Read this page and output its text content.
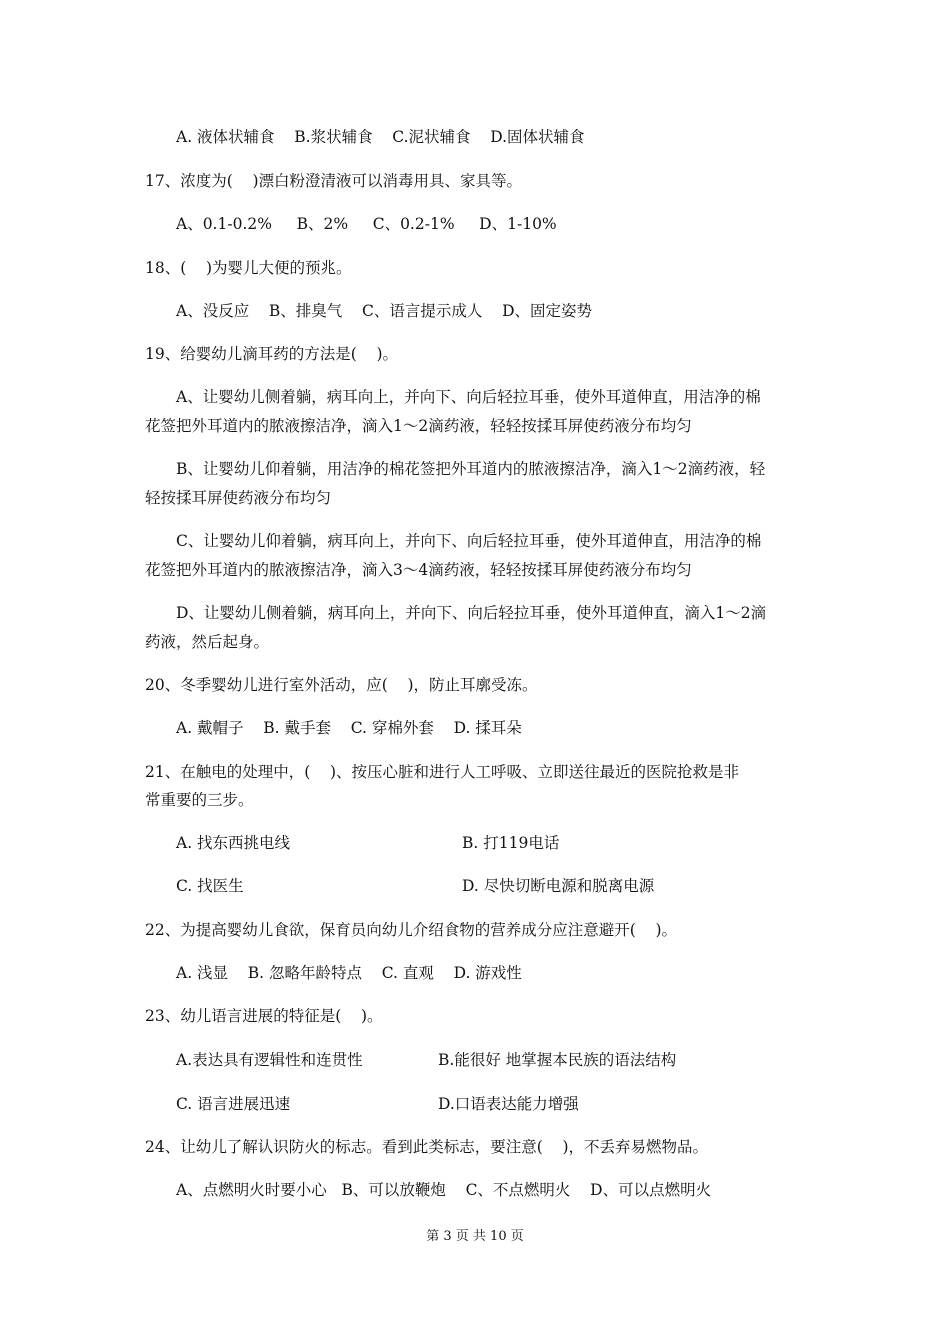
A. 液体状辅食    B.浆状辅食    C.泥状辅食    D.固体状辅食
17、浓度为(    )漂白粉澄清液可以消毒用具、家具等。
A、0.1-0.2%     B、2%     C、0.2-1%     D、1-10%
18、(    )为婴儿大便的预兆。
A、没反应    B、排臭气    C、语言提示成人    D、固定姿势
19、给婴幼儿滴耳药的方法是(    )。
A、让婴幼儿侧着躺，病耳向上，并向下、向后轻拉耳垂，使外耳道伸直，用洁净的棉
花签把外耳道内的脓液擦洁净，滴入1～2滴药液，轻轻按揉耳屏使药液分布均匀
B、让婴幼儿仰着躺，用洁净的棉花签把外耳道内的脓液擦洁净，滴入1～2滴药液，轻
轻按揉耳屏使药液分布均匀
C、让婴幼儿仰着躺，病耳向上，并向下、向后轻拉耳垂，使外耳道伸直，用洁净的棉
花签把外耳道内的脓液擦洁净，滴入3～4滴药液，轻轻按揉耳屏使药液分布均匀
D、让婴幼儿侧着躺，病耳向上，并向下、向后轻拉耳垂，使外耳道伸直，滴入1～2滴
药液，然后起身。
20、冬季婴幼儿进行室外活动，应(    )，防止耳廓受冻。
A. 戴帽子    B. 戴手套    C. 穿棉外套    D. 揉耳朵
21、在触电的处理中，(    )、按压心脏和进行人工呼吸、立即送往最近的医院抢救是非
常重要的三步。
A. 找东西挑电线	B. 打119电话
C. 找医生	D. 尽快切断电源和脱离电源
22、为提高婴幼儿食欲，保育员向幼儿介绍食物的营养成分应注意避开(    )。
A. 浅显    B. 忽略年龄特点    C. 直观    D. 游戏性
23、幼儿语言进展的特征是(    )。
A.表达具有逻辑性和连贯性	B.能很好 地掌握本民族的语法结构
C. 语言进展迅速	D.口语表达能力增强
24、让幼儿了解认识防火的标志。看到此类标志，要注意(    )，不丢弃易燃物品。
A、点燃明火时要小心   B、可以放鞭炮    C、不点燃明火    D、可以点燃明火
第 3 页 共 10 页
